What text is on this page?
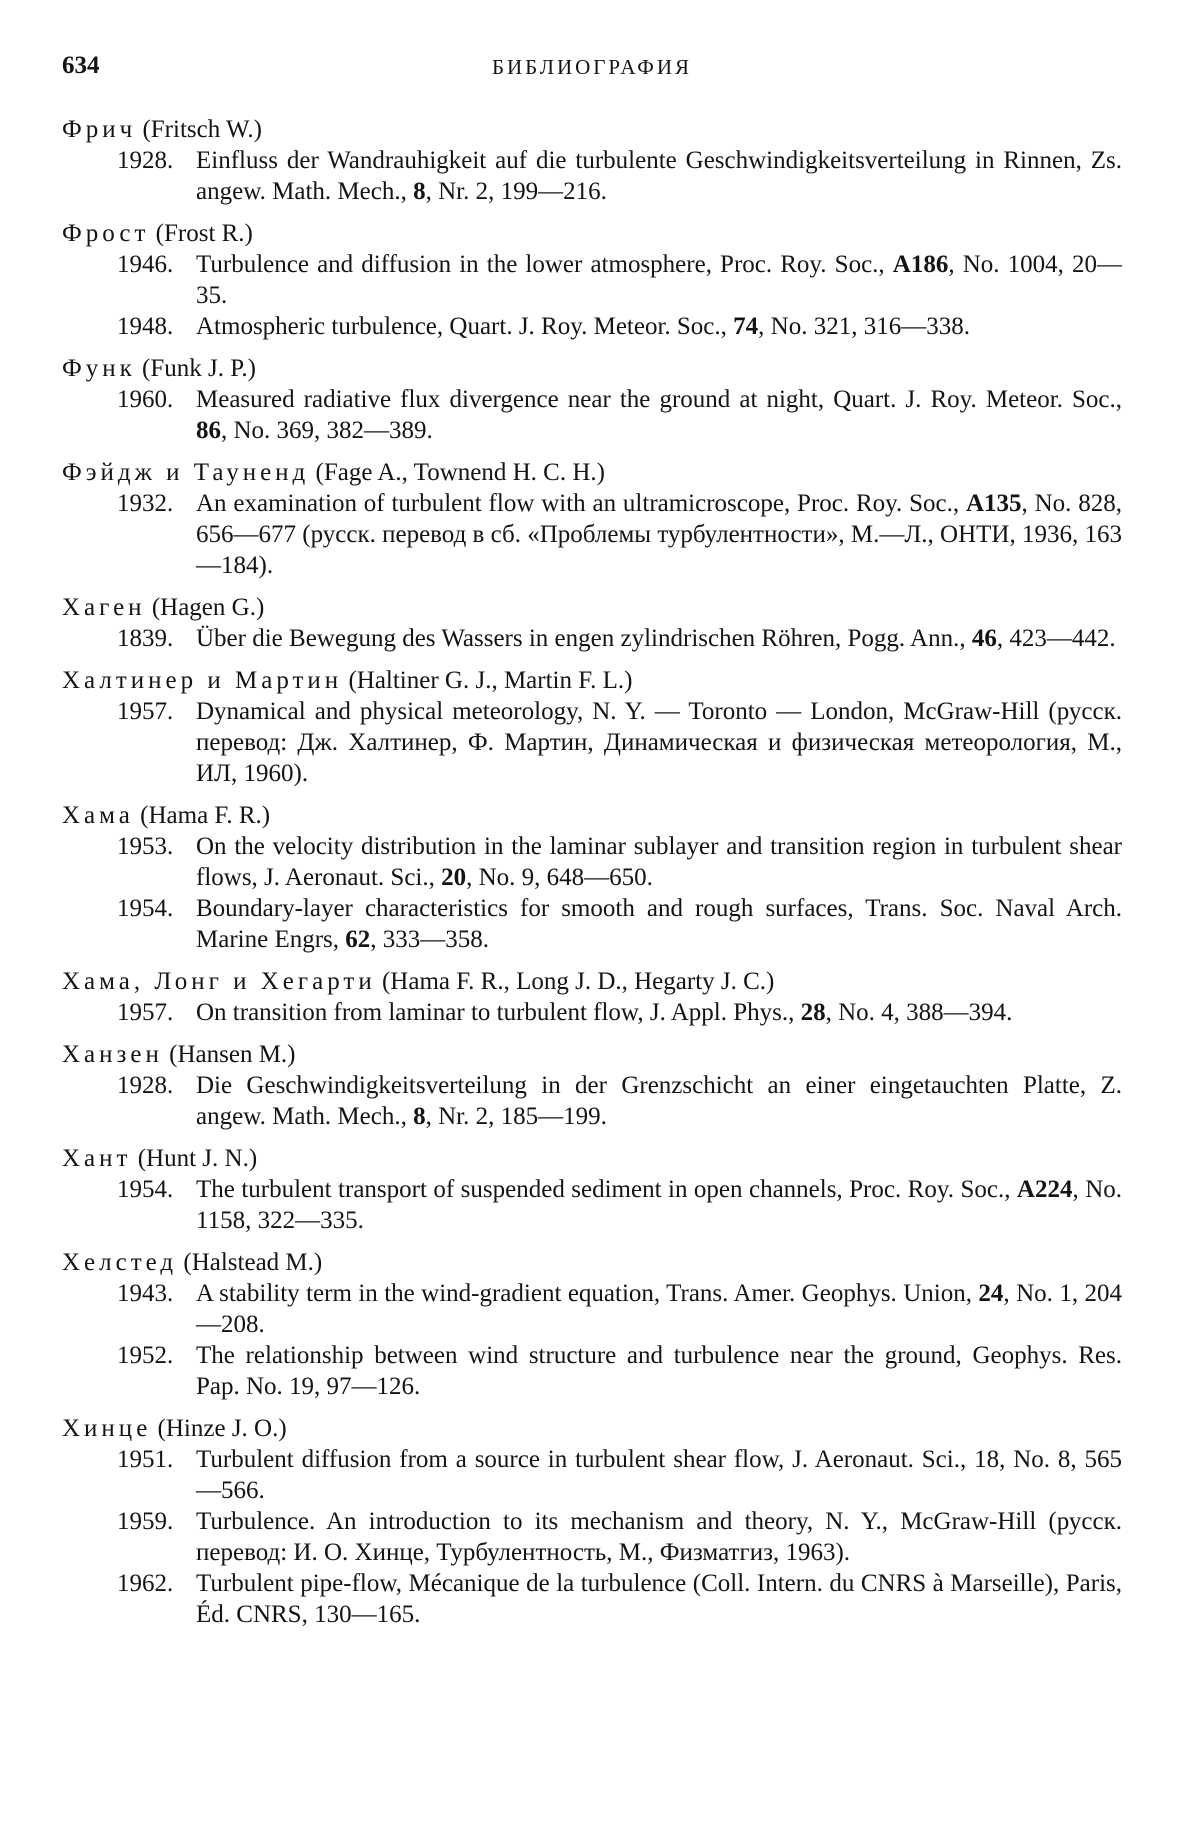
634	БИБЛИОГРАФИЯ
Фрич (Fritsch W.)
1928. Einfluss der Wandrauhigkeit auf die turbulente Geschwindigkeitsverteilung in Rinnen, Zs. angew. Math. Mech., 8, Nr. 2, 199—216.
Фрост (Frost R.)
1946. Turbulence and diffusion in the lower atmosphere, Proc. Roy. Soc., A186, No. 1004, 20—35.
1948. Atmospheric turbulence, Quart. J. Roy. Meteor. Soc., 74, No. 321, 316—338.
Функ (Funk J. P.)
1960. Measured radiative flux divergence near the ground at night, Quart. J. Roy. Meteor. Soc., 86, No. 369, 382—389.
Фэйдж и Таунeнд (Fage A., Townend H. C. H.)
1932. An examination of turbulent flow with an ultramicroscope, Proc. Roy. Soc., A135, No. 828, 656—677 (русск. перевод в сб. «Проблемы турбулентности», М.—Л., ОНТИ, 1936, 163—184).
Хаген (Hagen G.)
1839. Über die Bewegung des Wassers in engen zylindrischen Röhren, Pogg. Ann., 46, 423—442.
Халтинер и Мартин (Haltiner G. J., Martin F. L.)
1957. Dynamical and physical meteorology, N. Y. — Toronto — London, McGraw-Hill (русск. перевод: Дж. Халтинер, Ф. Мартин, Динамическая и физическая метеорология, М., ИЛ, 1960).
Хама (Hama F. R.)
1953. On the velocity distribution in the laminar sublayer and transition region in turbulent shear flows, J. Aeronaut. Sci., 20, No. 9, 648—650.
1954. Boundary-layer characteristics for smooth and rough surfaces, Trans. Soc. Naval Arch. Marine Engrs, 62, 333—358.
Хама, Лонг и Хегарти (Hama F. R., Long J. D., Hegarty J. C.)
1957. On transition from laminar to turbulent flow, J. Appl. Phys., 28, No. 4, 388—394.
Ханзен (Hansen M.)
1928. Die Geschwindigkeitsverteilung in der Grenzschicht an einer eingetauchten Platte, Z. angew. Math. Mech., 8, Nr. 2, 185—199.
Хант (Hunt J. N.)
1954. The turbulent transport of suspended sediment in open channels, Proc. Roy. Soc., A224, No. 1158, 322—335.
Хелстед (Halstead M.)
1943. A stability term in the wind-gradient equation, Trans. Amer. Geophys. Union, 24, No. 1, 204—208.
1952. The relationship between wind structure and turbulence near the ground, Geophys. Res. Pap. No. 19, 97—126.
Хинце (Hinze J. O.)
1951. Turbulent diffusion from a source in turbulent shear flow, J. Aeronaut. Sci., 18, No. 8, 565—566.
1959. Turbulence. An introduction to its mechanism and theory, N. Y., McGraw-Hill (русск. перевод: И. О. Хинце, Турбулентность, М., Физматгиз, 1963).
1962. Turbulent pipe-flow, Mécanique de la turbulence (Coll. Intern. du CNRS à Marseille), Paris, Éd. CNRS, 130—165.
